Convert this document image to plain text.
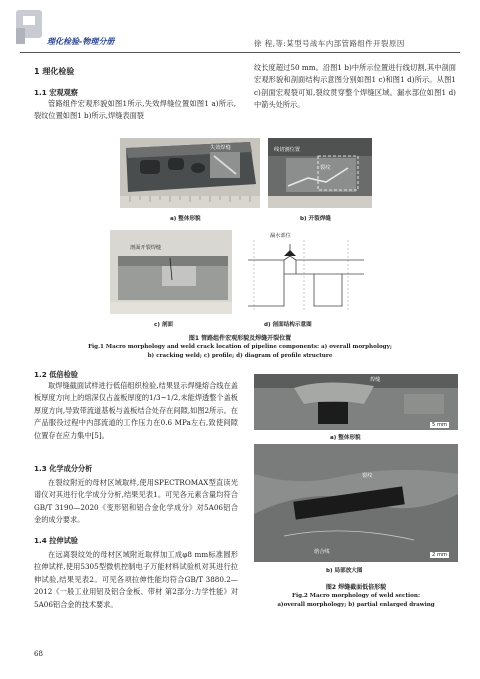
理化检验-物理分册	徐 程,等:某型号战车内部管路组件开裂原因
1 理化检验
1.1 宏观观察
管路组件宏观形貌如图1所示,失效焊缝位置如图1 a)所示,裂纹位置如图1 b)所示,焊缝表面裂
纹长度超过50 mm。沿图1 b)中所示位置进行线切割,其中剖面宏观形貌和剖面结构示意图分别如图1 c)和图1 d)所示。从图1 c)剖面宏观裂可知,裂纹贯穿整个焊缝区域。漏水部位如图1 d)中箭头处所示。
失效焊缝
a) 整体形貌
线切割位置
裂纹
b) 开裂焊缝
剖面开裂焊缝
c) 剖面
漏水部位
d) 剖面结构示意图
图1 管路组件宏观形貌及焊缝开裂位置
Fig.1 Macro morphology and weld crack location of pipeline components: a) overall morphology;
b) cracking weld; c) profile; d) diagram of profile structure
1.2 低倍检验
取焊缝截面试样进行低倍组织检验,结果显示焊缝熔合线在盖板厚度方向上的熔深仅占盖板厚度的1/3~1/2,未能焊透整个盖板厚度方向,导致带流道基板与盖板结合处存在间隙,如图2所示。在产品服役过程中内部流道的工作压力在0.6 MPa左右,致使间隙位置存在应力集中[5]。
1.3 化学成分分析
在裂纹附近的母材区域取样,使用SPECTROMAX型直读光谱仪对其进行化学成分分析,结果见表1。可见各元素含量均符合GB/T 3190—2020《变形铝和铝合金化学成分》对5A06铝合金的成分要求。
1.4 拉伸试验
在远离裂纹处的母材区域附近取样加工成φ8 mm标准圆形拉伸试样,使用5305型微机控制电子万能材料试验机对其进行拉伸试验,结果见表2。可见各项拉伸性能均符合GB/T 3880.2—2012《一般工业用铝及铝合金板、带材 第2部分:力学性能》对5A06铝合金的技术要求。
焊缝
5 mm
a) 整体形貌
裂纹
熔合线	2 mm
b) 局部放大图
图2 焊缝截面低倍形貌
Fig.2 Macro morphology of weld section:
a)overall morphology; b) partial enlarged drawing
68
